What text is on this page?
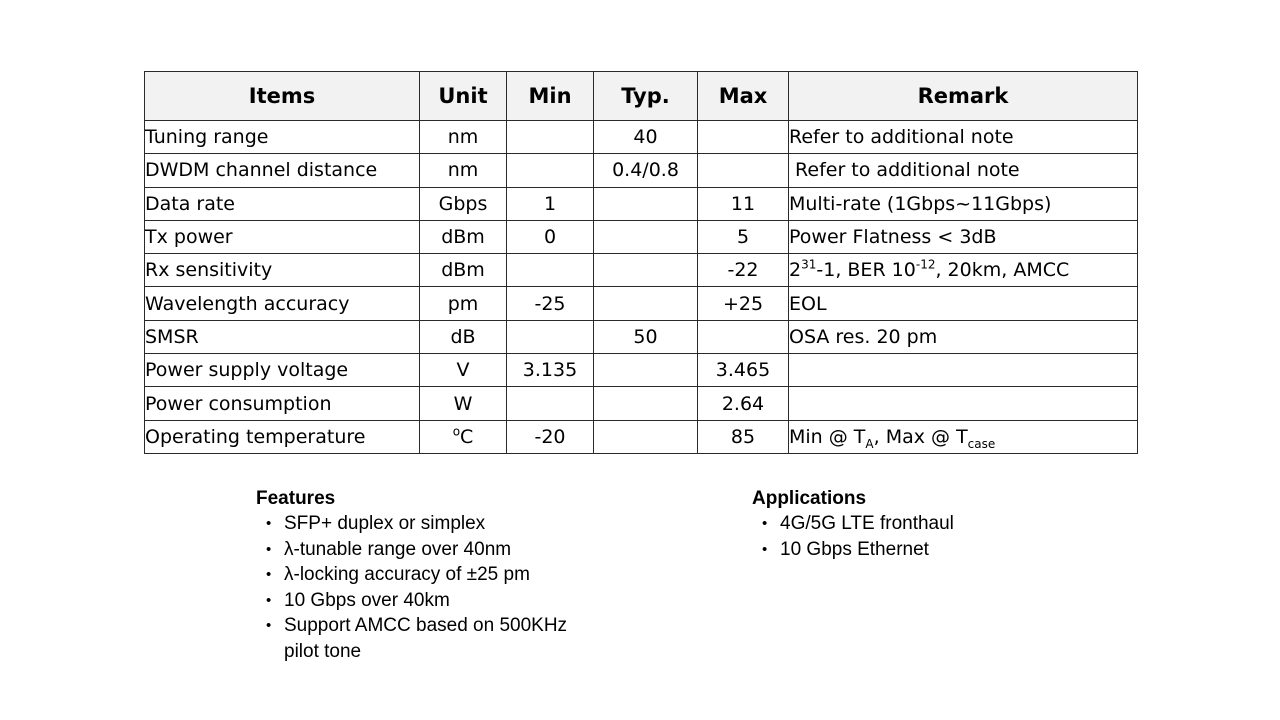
Items	Unit	Min	Typ.	Max	Remark
Tuning range	nm		40		Refer to additional note
DWDM channel distance	nm		0.4/0.8		Refer to additional note
Data rate	Gbps	1		11	Multi-rate (1Gbps~11Gbps)
Tx power	dBm	0		5	Power Flatness < 3dB
Rx sensitivity	dBm			-22	$2^{31}-1$, BER $10^{-12}$, 20km, AMCC
Wavelength accuracy	pm	-25		+25	EOL
SMSR	dB		50		OSA res. 20 pm
Power supply voltage	V	3.135		3.465	
Power consumption	W			2.64	
Operating temperature	$^o$C	-20		85	Min @ $T_A$, Max @ $T_{case}$
Features
• SFP+ duplex or simplex
• λ-tunable range over 40nm
• λ-locking accuracy of ±25 pm
• 10 Gbps over 40km
• Support AMCC based on 500KHz pilot tone
Applications
• 4G/5G LTE fronthaul
• 10 Gbps Ethernet
